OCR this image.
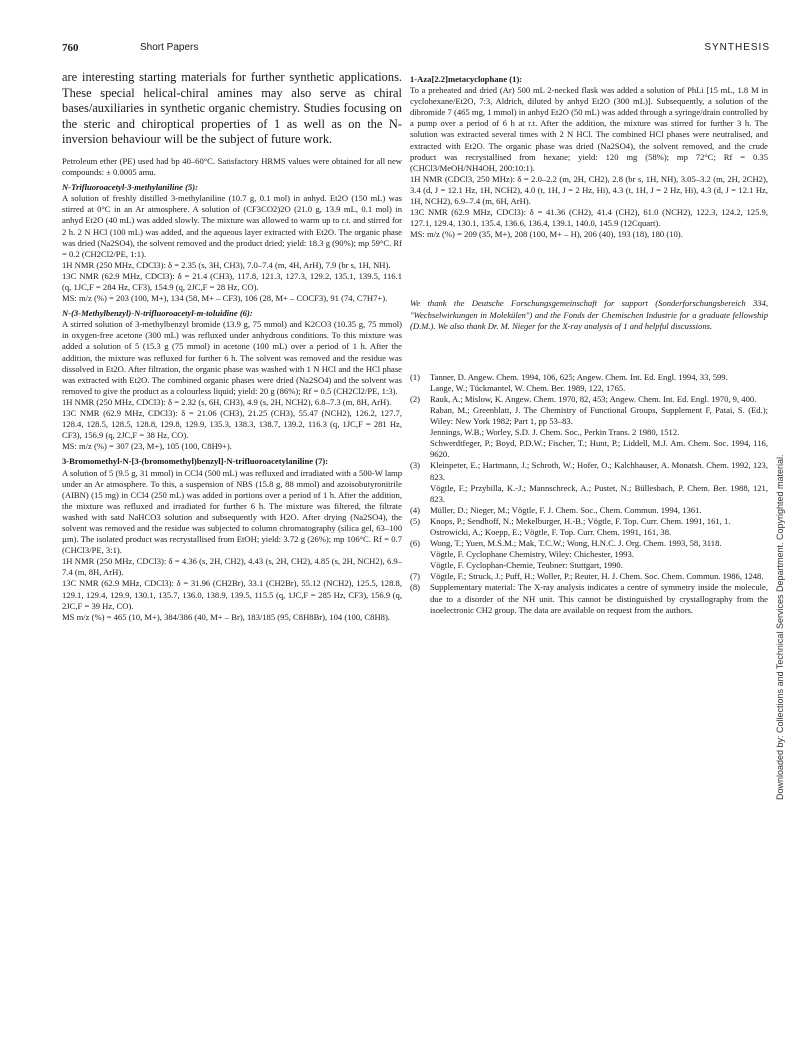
760	Short Papers	SYNTHESIS

are interesting starting materials for further synthetic applications. These special helical-chiral amines may also serve as chiral bases/auxiliaries in synthetic organic chemistry. Studies focusing on the steric and chiroptical properties of 1 as well as on the N-inversion behaviour will be the subject of future work.

Petroleum ether (PE) used had bp 40–60°C. Satisfactory HRMS values were obtained for all new compounds: ± 0.0005 amu.

N-Trifluoroacetyl-3-methylaniline (5):

A solution of freshly distilled 3-methylaniline (10.7 g, 0.1 mol) in anhyd. Et2O (150 mL) was stirred at 0°C in an Ar atmosphere. A solution of (CF3CO2)2O (21.0 g, 13.9 mL, 0.1 mol) in anhyd Et2O (40 mL) was added slowly. The mixture was allowed to warm up to r.t. and stirred for 2 h. 2 N HCl (100 mL) was added, and the aqueous layer extracted with Et2O. The organic phase was dried (Na2SO4), the solvent removed and the product dried; yield: 18.3 g (90%); mp 59°C. Rf = 0.2 (CH2Cl2/PE, 1:1).

1H NMR (250 MHz, CDCl3): δ = 2.35 (s, 3H, CH3), 7.0–7.4 (m, 4H, ArH), 7.9 (br s, 1H, NH).

13C NMR (62.9 MHz, CDCl3): δ = 21.4 (CH3), 117.8, 121.3, 127.3, 129.2, 135.1, 139.5, 116.1 (q, 1JC,F = 284 Hz, CF3), 154.9 (q, 2JC,F = 28 Hz, CO).

MS: m/z (%) = 203 (100, M+), 134 (58, M+ – CF3), 106 (28, M+ – COCF3), 91 (74, C7H7+).

N-(3-Methylbenzyl)-N-trifluoroacetyl-m-toluidine (6):

A stirred solution of 3-methylbenzyl bromide (13.9 g, 75 mmol) and K2CO3 (10.35 g, 75 mmol) in oxygen-free acetone (300 mL) was refluxed under anhydrous conditions. To this mixture was added a solution of 5 (15.3 g (75 mmol) in acetone (100 mL) over a period of 1 h. After the addition, the mixture was refluxed for further 6 h. The solvent was removed and the residue was dissolved in Et2O. After filtration, the organic phase was washed with 1 N HCl and the HCl phase was extracted with Et2O. The combined organic phases were dried (Na2SO4) and the solvent was removed to give the product as a colourless liquid; yield: 20 g (86%); Rf = 0.5 (CH2Cl2/PE, 1:3).

1H NMR (250 MHz, CDCl3): δ = 2.32 (s, 6H, CH3), 4.9 (s, 2H, NCH2), 6.8–7.3 (m, 8H, ArH).

13C NMR (62.9 MHz, CDCl3): δ = 21.06 (CH3), 21.25 (CH3), 55.47 (NCH2), 126.2, 127.7, 128.4, 128.5, 128.5, 128.8, 129.8, 129.9, 135.3, 138.3, 138.7, 139.2, 116.3 (q, 1JC,F = 281 Hz, CF3), 156.9 (q, 2JC,F = 38 Hz, CO).

MS: m/z (%) = 307 (23, M+), 105 (100, C8H9+).

3-Bromomethyl-N-[3-(bromomethyl)benzyl]-N-trifluoroacetylaniline (7):

A solution of 5 (9.5 g, 31 mmol) in CCl4 (500 mL) was refluxed and irradiated with a 500-W lamp under an Ar atmosphere. To this, a suspension of NBS (15.8 g, 88 mmol) and azoisobutyronitrile (AIBN) (15 mg) in CCl4 (250 mL) was added in portions over a period of 1 h. After the addition, the mixture was refluxed and irradiated for further 6 h. The mixture was filtered, the filtrate washed with satd NaHCO3 solution and subsequently with H2O. After drying (Na2SO4), the solvent was removed and the residue was subjected to column chromatography (silica gel, 63–100 µm). The isolated product was recrystallised from EtOH; yield: 3.72 g (26%); mp 106°C. Rf = 0.7 (CHCl3/PE, 3:1).

1H NMR (250 MHz, CDCl3): δ = 4.36 (s, 2H, CH2), 4.43 (s, 2H, CH2), 4.85 (s, 2H, NCH2), 6.9–7.4 (m, 8H, ArH).

13C NMR (62.9 MHz, CDCl3): δ = 31.96 (CH2Br), 33.1 (CH2Br), 55.12 (NCH2), 125.5, 128.8, 129.1, 129.4, 129.9, 130.1, 135.7, 136.0, 138.9, 139.5, 115.5 (q, 1JC,F = 285 Hz, CF3), 156.9 (q, 2JC,F = 39 Hz, CO).

MS m/z (%) = 465 (10, M+), 384/386 (40, M+ – Br), 183/185 (95, C8H8Br), 104 (100, C8H8).

1-Aza[2.2]metacyclophane (1):

To a preheated and dried (Ar) 500 mL 2-necked flask was added a solution of PhLi [15 mL, 1.8 M in cyclohexane/Et2O, 7:3, Aldrich, diluted by anhyd Et2O (300 mL)]. Subsequently, a solution of the dibromide 7 (465 mg, 1 mmol) in anhyd Et2O (50 mL) was added through a syringe/drain controlled by a pump over a period of 6 h at r.t. After the addition, the mixture was stirred for further 3 h. The solution was extracted several times with 2 N HCl. The combined HCl phases were neutralised, and extracted with Et2O. The organic phase was dried (Na2SO4), the solvent removed, and the crude product was recrystallised from hexane; yield: 120 mg (58%); mp 72°C; Rf = 0.35 (CHCl3/MeOH/NH4OH, 200:10:1).

1H NMR (CDCl3, 250 MHz): δ = 2.0–2.2 (m, 2H, CH2), 2.8 (br s, 1H, NH), 3.05–3.2 (m, 2H, 2CH2), 3.4 (d, J = 12.1 Hz, 1H, NCH2), 4.0 (t, 1H, J = 2 Hz, Hi), 4.3 (t, 1H, J = 2 Hz, Hi), 4.3 (d, J = 12.1 Hz, 1H, NCH2), 6.9–7.4 (m, 6H, ArH).

13C NMR (62.9 MHz, CDCl3): δ = 41.36 (CH2), 41.4 (CH2), 61.0 (NCH2), 122.3, 124.2, 125.9, 127.1, 129.4, 130.1, 135.4, 136.6, 136.4, 139.1, 140.0, 145.9 (12Cquart).

MS: m/z (%) = 209 (35, M+), 208 (100, M+ – H), 206 (40), 193 (18), 180 (10).

We thank the Deutsche Forschungsgemeinschaft for support (Sonderforschungsbereich 334, "Wechselwirkungen in Molekülen") and the Fonds der Chemischen Industrie for a graduate fellowship (D.M.). We also thank Dr. M. Nieger for the X-ray analysis of 1 and helpful discussions.

(1) Tanner, D. Angew. Chem. 1994, 106, 625; Angew. Chem. Int. Ed. Engl. 1994, 33, 599.

Lange, W.; Tückmantel, W. Chem. Ber. 1989, 122, 1765.

(2) Rauk, A.; Mislow, K. Angew. Chem. 1970, 82, 453; Angew. Chem. Int. Ed. Engl. 1970, 9, 400.

Raban, M.; Greenblatt, J. The Chemistry of Functional Groups, Supplement F, Patai, S. (Ed.); Wiley: New York 1982; Part 1, pp 53–83.

Jennings, W.B.; Worley, S.D. J. Chem. Soc., Perkin Trans. 2 1980, 1512.

Schwerdtfeger, P.; Boyd, P.D.W.; Fischer, T.; Hunt, P.; Liddell, M.J. Am. Chem. Soc. 1994, 116, 9620.

(3) Kleinpeter, E.; Hartmann, J.; Schroth, W.; Hofer, O.; Kalchhauser, A. Monatsh. Chem. 1992, 123, 823.

Vögtle, F.; Przybilla, K.-J.; Mannschreck, A.; Pustet, N.; Büllesbach, P. Chem. Ber. 1988, 121, 823.

(4) Müller, D.; Nieger, M.; Vögtle, F. J. Chem. Soc., Chem. Commun. 1994, 1361.

(5) Knops, P.; Sendhoff, N.; Mekelburger, H.-B.; Vögtle, F. Top. Curr. Chem. 1991, 161, 1.

Ostrowicki, A.; Koepp, E.; Vögtle, F. Top. Curr. Chem. 1991, 161, 38.

(6) Wong, T.; Yuen, M.S.M.; Mak, T.C.W.; Wong, H.N.C. J. Org. Chem. 1993, 58, 3118.

Vögtle, F. Cyclophane Chemistry, Wiley: Chichester, 1993.

Vögtle, F. Cyclophan-Chemie, Teubner: Stuttgart, 1990.

(7) Vögtle, F.; Struck, J.; Puff, H.; Woller, P.; Reuter, H. J. Chem. Soc. Chem. Commun. 1986, 1248.

(8) Supplementary material: The X-ray analysis indicates a centre of symmetry inside the molecule, due to a disorder of the NH unit. This cannot be distinguished by crystallography from the isoelectronic CH2 group. The data are available on request from the authors.	Downloaded by: Collections and Technical Services Department. Copyrighted material.
